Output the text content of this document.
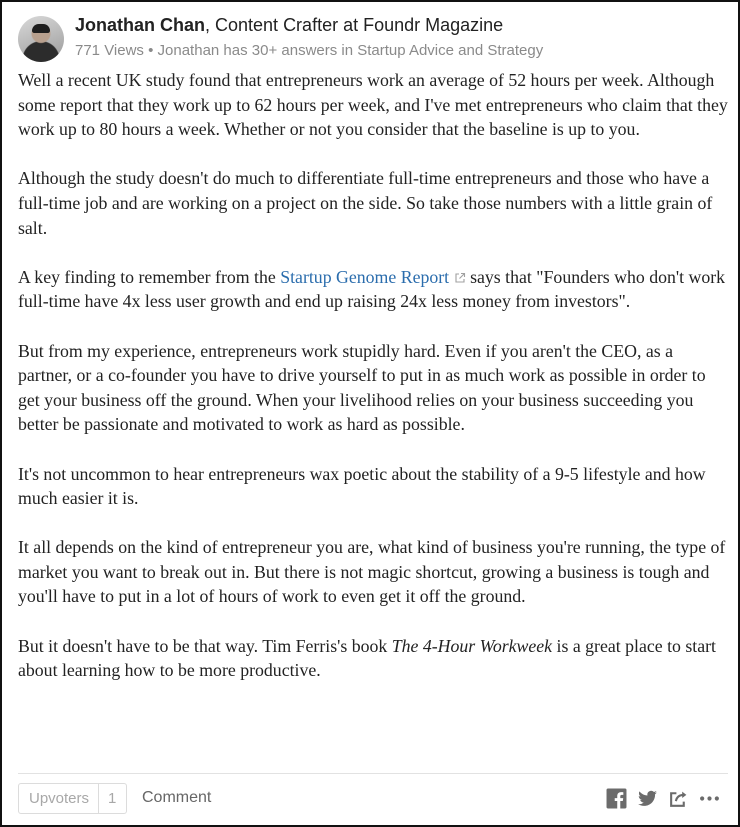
Jonathan Chan, Content Crafter at Foundr Magazine
771 Views • Jonathan has 30+ answers in Startup Advice and Strategy

Well a recent UK study found that entrepreneurs work an average of 52 hours per week. Although some report that they work up to 62 hours per week, and I've met entrepreneurs who claim that they work up to 80 hours a week. Whether or not you consider that the baseline is up to you.

Although the study doesn't do much to differentiate full-time entrepreneurs and those who have a full-time job and are working on a project on the side. So take those numbers with a little grain of salt.

A key finding to remember from the Startup Genome Report says that "Founders who don't work full-time have 4x less user growth and end up raising 24x less money from investors".

But from my experience, entrepreneurs work stupidly hard. Even if you aren't the CEO, as a partner, or a co-founder you have to drive yourself to put in as much work as possible in order to get your business off the ground. When your livelihood relies on your business succeeding you better be passionate and motivated to work as hard as possible.

It's not uncommon to hear entrepreneurs wax poetic about the stability of a 9-5 lifestyle and how much easier it is.

It all depends on the kind of entrepreneur you are, what kind of business you're running, the type of market you want to break out in. But there is not magic shortcut, growing a business is tough and you'll have to put in a lot of hours of work to even get it off the ground.

But it doesn't have to be that way. Tim Ferris's book The 4-Hour Workweek is a great place to start about learning how to be more productive.

Upvoters	1	Comment
